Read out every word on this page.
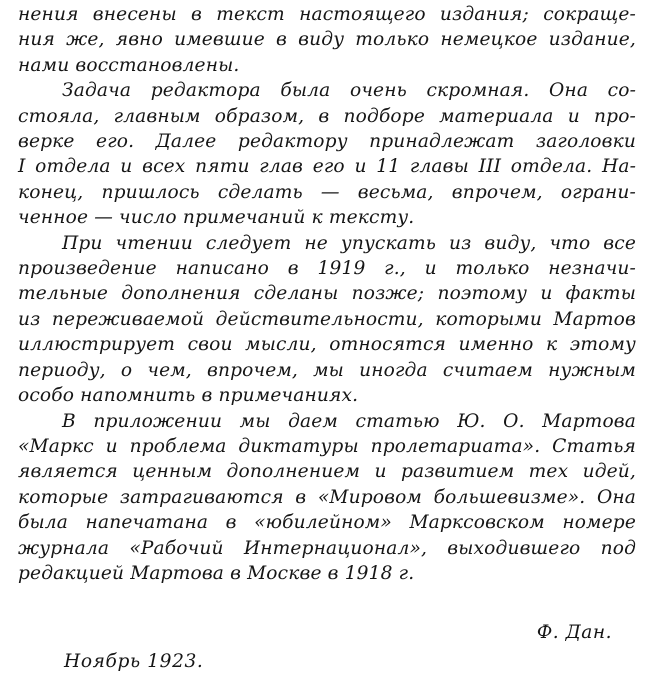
нения внесены в текст настоящего издания; сокраще-
ния же, явно имевшие в виду только немецкое издание,
нами восстановлены.
Задача редактора была очень скромная. Она со-
стояла, главным образом, в подборе материала и про-
верке его. Далее редактору принадлежат заголовки
I отдела и всех пяти глав его и 11 главы III отдела. На-
конец, пришлось сделать — весьма, впрочем, ограни-
ченное — число примечаний к тексту.
При чтении следует не упускать из виду, что все
произведение написано в 1919 г., и только незначи-
тельные дополнения сделаны позже; поэтому и факты
из переживаемой действительности, которыми Мартов
иллюстрирует свои мысли, относятся именно к этому
периоду, о чем, впрочем, мы иногда считаем нужным
особо напомнить в примечаниях.
В приложении мы даем статью Ю. О. Мартова
«Маркс и проблема диктатуры пролетариата». Статья
является ценным дополнением и развитием тех идей,
которые затрагиваются в «Мировом большевизме». Она
была напечатана в «юбилейном» Марксовском номере
журнала «Рабочий Интернационал», выходившего под
редакцией Мартова в Москве в 1918 г.
Ф. Дан.
Ноябрь 1923.
